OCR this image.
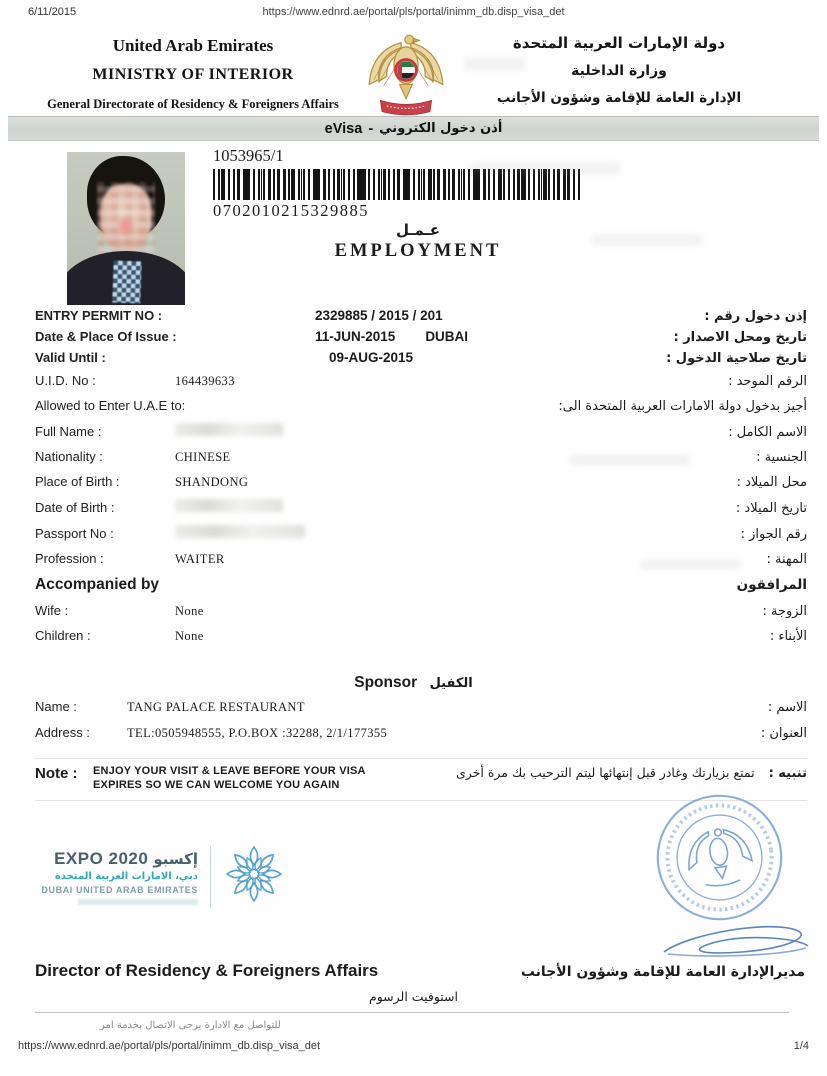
6/11/2015	https://www.ednrd.ae/portal/pls/portal/inimm_db.disp_visa_det
United Arab Emirates
MINISTRY OF INTERIOR
General Directorate of Residency & Foreigners Affairs
دولة الإمارات العربية المتحدة
وزارة الداخلية
الإدارة العامة للإقامة وشؤون الأجانب
eVisa - أذن دخول الكتروني
1053965/1
0702010215329885
عـمـل
EMPLOYMENT
ENTRY PERMIT NO :	2329885 / 2015 / 201	إذن دخول رقم :
Date & Place Of Issue :	11-JUN-2015 DUBAI	تاريخ ومحل الاصدار :
Valid Until :	09-AUG-2015	تاريخ صلاحية الدخول :
U.I.D. No :	164439633	الرقم الموحد :
Allowed to Enter U.A.E to:	أجيز بدخول دولة الامارات العربية المتحدة الى:
Full Name :	الاسم الكامل :
Nationality :	CHINESE	الجنسية :
Place of Birth :	SHANDONG	محل الميلاد :
Date of Birth :	تاريخ الميلاد :
Passport No :	رقم الجواز :
Profession :	WAITER	المهنة :
Accompanied by	المرافقون
Wife :	None	الزوجة :
Children :	None	الأبناء :
Sponsor الكفيل
Name :	TANG PALACE RESTAURANT	الاسم :
Address :	TEL:0505948555, P.O.BOX :32288, 2/1/177355	العنوان :
Note :	ENJOY YOUR VISIT & LEAVE BEFORE YOUR VISA
EXPIRES SO WE CAN WELCOME YOU AGAIN
تمتع بزيارتك وغادر قبل إنتهائها ليتم الترحيب بك مرة أخرى تنبيه :
EXPO 2020 إكسبو
دبي، الامارات العربية المتحدة
DUBAI UNITED ARAB EMIRATES
Director of Residency & Foreigners Affairs	مديرالإدارة العامة للإقامة وشؤون الأجانب
استوفيت الرسوم
للتواصل مع الادارة يرجى الاتصال بخدمة امر
https://www.ednrd.ae/portal/pls/portal/inimm_db.disp_visa_det	1/4
